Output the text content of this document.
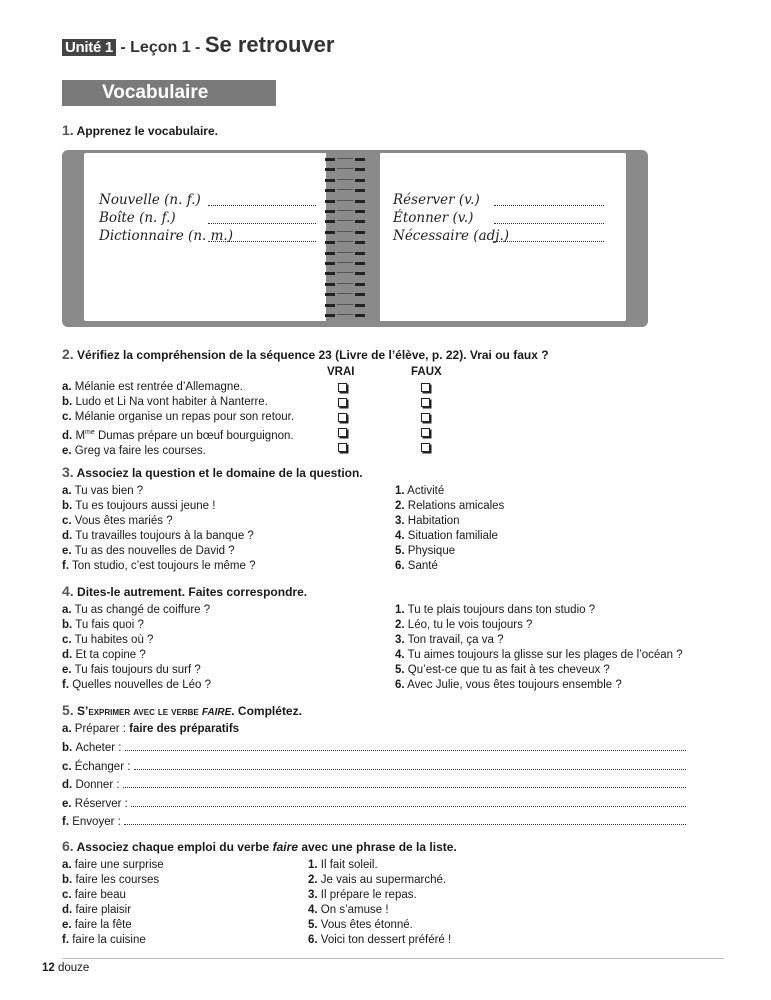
Unité 1 - Leçon 1 - Se retrouver
Vocabulaire
1. Apprenez le vocabulaire.
Nouvelle (n. f.)
Boîte (n. f.)
Dictionnaire (n. m.)
Réserver (v.)
Étonner (v.)
Nécessaire (adj.)
2. Vérifiez la compréhension de la séquence 23 (Livre de l’élève, p. 22). Vrai ou faux ?
VRAI	FAUX
a. Mélanie est rentrée d’Allemagne.
b. Ludo et Li Na vont habiter à Nanterre.
c. Mélanie organise un repas pour son retour.
d. $M^{me}$ Dumas prépare un bœuf bourguignon.
e. Greg va faire les courses.
3. Associez la question et le domaine de la question.
a. Tu vas bien ?
b. Tu es toujours aussi jeune !
c. Vous êtes mariés ?
d. Tu travailles toujours à la banque ?
e. Tu as des nouvelles de David ?
f. Ton studio, c’est toujours le même ?
1. Activité
2. Relations amicales
3. Habitation
4. Situation familiale
5. Physique
6. Santé
4. Dites-le autrement. Faites correspondre.
a. Tu as changé de coiffure ?
b. Tu fais quoi ?
c. Tu habites où ?
d. Et ta copine ?
e. Tu fais toujours du surf ?
f. Quelles nouvelles de Léo ?
1. Tu te plais toujours dans ton studio ?
2. Léo, tu le vois toujours ?
3. Ton travail, ça va ?
4. Tu aimes toujours la glisse sur les plages de l’océan ?
5. Qu’est-ce que tu as fait à tes cheveux ?
6. Avec Julie, vous êtes toujours ensemble ?
5. S’exprimer avec le verbe FAIRE. Complétez.
a. Préparer : faire des préparatifs
b.
Acheter :

c.
Échanger :

d.
Donner :

e.
Réserver :

f.
Envoyer :

6. Associez chaque emploi du verbe faire avec une phrase de la liste.
a. faire une surprise
b. faire les courses
c. faire beau
d. faire plaisir
e. faire la fête
f. faire la cuisine
1. Il fait soleil.
2. Je vais au supermarché.
3. Il prépare le repas.
4. On s’amuse !
5. Vous êtes étonné.
6. Voici ton dessert préféré !
12 douze
